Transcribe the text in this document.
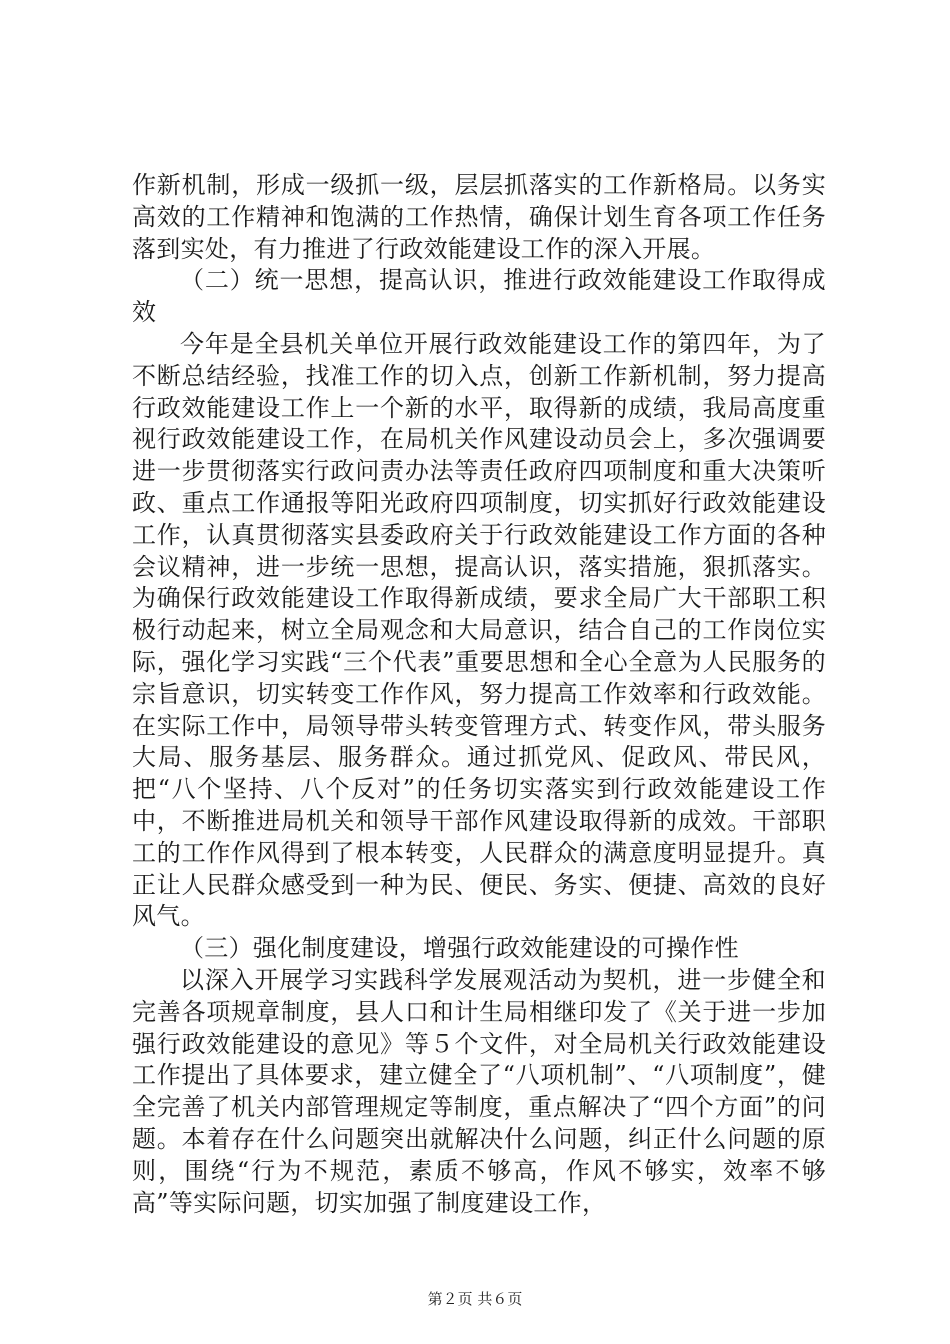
作新机制，形成一级抓一级，层层抓落实的工作新格局。以务实高效的工作精神和饱满的工作热情，确保计划生育各项工作任务落到实处，有力推进了行政效能建设工作的深入开展。

（二）统一思想，提高认识，推进行政效能建设工作取得成效

今年是全县机关单位开展行政效能建设工作的第四年，为了不断总结经验，找准工作的切入点，创新工作新机制，努力提高行政效能建设工作上一个新的水平，取得新的成绩，我局高度重视行政效能建设工作，在局机关作风建设动员会上，多次强调要进一步贯彻落实行政问责办法等责任政府四项制度和重大决策听政、重点工作通报等阳光政府四项制度，切实抓好行政效能建设工作，认真贯彻落实县委政府关于行政效能建设工作方面的各种会议精神，进一步统一思想，提高认识，落实措施，狠抓落实。为确保行政效能建设工作取得新成绩，要求全局广大干部职工积极行动起来，树立全局观念和大局意识，结合自己的工作岗位实际，强化学习实践“三个代表”重要思想和全心全意为人民服务的宗旨意识，切实转变工作作风，努力提高工作效率和行政效能。在实际工作中，局领导带头转变管理方式、转变作风，带头服务大局、服务基层、服务群众。通过抓党风、促政风、带民风，把“八个坚持、八个反对”的任务切实落实到行政效能建设工作中，不断推进局机关和领导干部作风建设取得新的成效。干部职工的工作作风得到了根本转变，人民群众的满意度明显提升。真正让人民群众感受到一种为民、便民、务实、便捷、高效的良好风气。

（三）强化制度建设，增强行政效能建设的可操作性

以深入开展学习实践科学发展观活动为契机，进一步健全和完善各项规章制度，县人口和计生局相继印发了《关于进一步加强行政效能建设的意见》等５个文件，对全局机关行政效能建设工作提出了具体要求，建立健全了“八项机制”、“八项制度”，健全完善了机关内部管理规定等制度，重点解决了“四个方面”的问题。本着存在什么问题突出就解决什么问题，纠正什么问题的原则，围绕“行为不规范，素质不够高，作风不够实，效率不够高”等实际问题，切实加强了制度建设工作，

第２页 共６页
